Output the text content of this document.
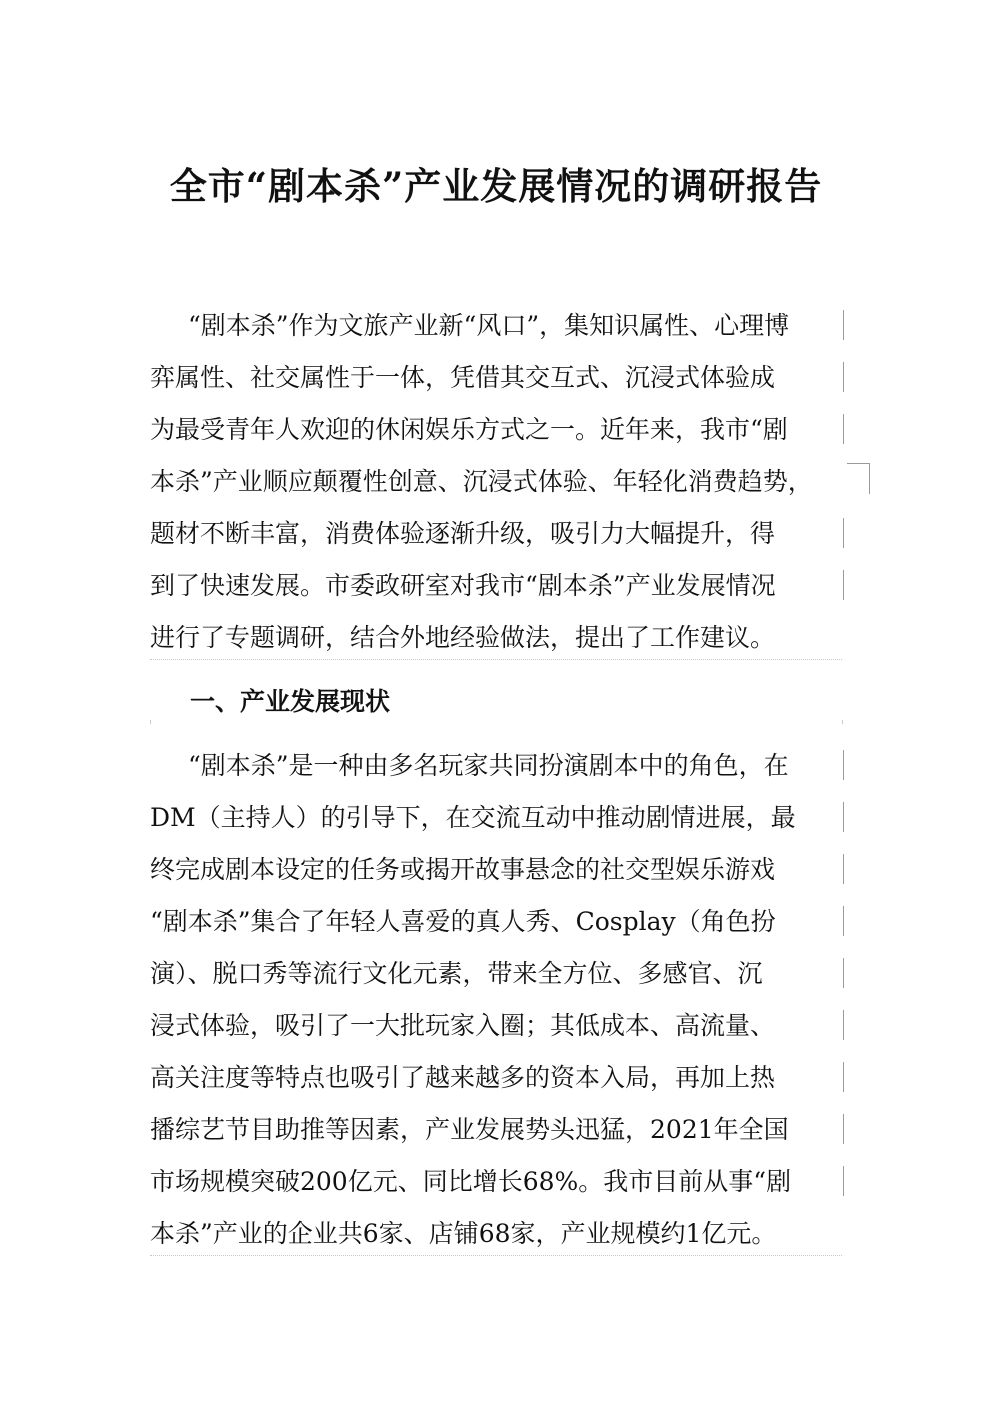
全市“剧本杀”产业发展情况的调研报告
“剧本杀”作为文旅产业新“风口”，集知识属性、心理博
弈属性、社交属性于一体，凭借其交互式、沉浸式体验成
为最受青年人欢迎的休闲娱乐方式之一。近年来，我市“剧
本杀”产业顺应颠覆性创意、沉浸式体验、年轻化消费趋势，
题材不断丰富，消费体验逐渐升级，吸引力大幅提升，得
到了快速发展。市委政研室对我市“剧本杀”产业发展情况
进行了专题调研，结合外地经验做法，提出了工作建议。
一、产业发展现状
“剧本杀”是一种由多名玩家共同扮演剧本中的角色，在
DM（主持人）的引导下，在交流互动中推动剧情进展，最
终完成剧本设定的任务或揭开故事悬念的社交型娱乐游戏
“剧本杀”集合了年轻人喜爱的真人秀、Cosplay（角色扮
演）、脱口秀等流行文化元素，带来全方位、多感官、沉
浸式体验，吸引了一大批玩家入圈；其低成本、高流量、
高关注度等特点也吸引了越来越多的资本入局，再加上热
播综艺节目助推等因素，产业发展势头迅猛，2021年全国
市场规模突破200亿元、同比增长68%。我市目前从事“剧
本杀”产业的企业共6家、店铺68家，产业规模约1亿元。
